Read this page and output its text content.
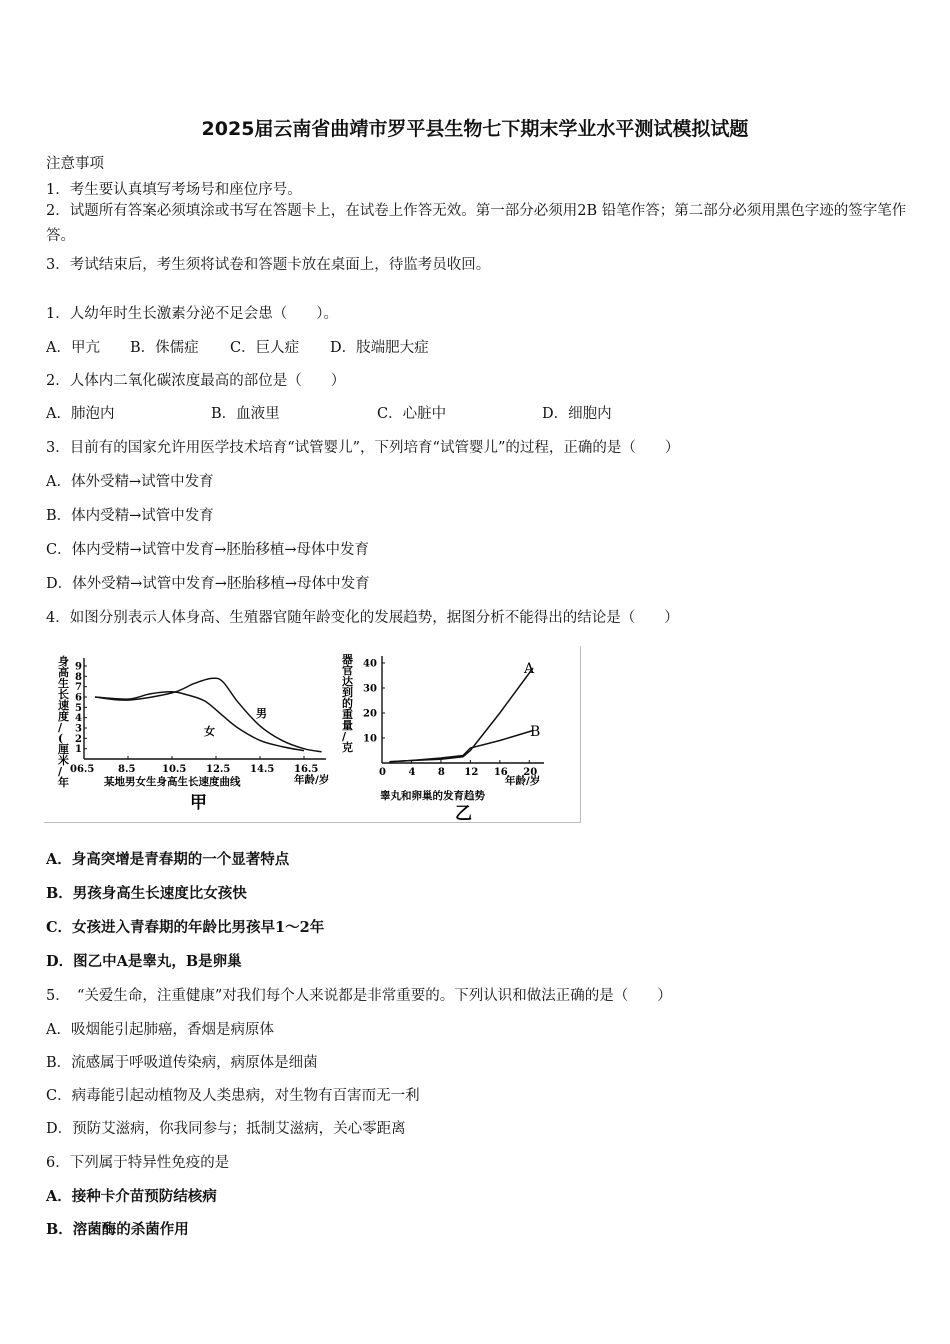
2025届云南省曲靖市罗平县生物七下期末学业水平测试模拟试题
注意事项
1．考生要认真填写考场号和座位序号。
2．试题所有答案必须填涂或书写在答题卡上，在试卷上作答无效。第一部分必须用2B 铅笔作答；第二部分必须用黑色字迹的签字笔作答。
3．考试结束后，考生须将试卷和答题卡放在桌面上，待监考员收回。
1．人幼年时生长激素分泌不足会患（　　）。
A．甲亢 B．侏儒症 C．巨人症 D．肢端肥大症
2．人体内二氧化碳浓度最高的部位是（　　）
A．肺泡内	B．血液里	C．心脏中	D．细胞内
3．目前有的国家允许用医学技术培育“试管婴儿”，下列培育“试管婴儿”的过程，正确的是（　　）
A．体外受精→试管中发育
B．体内受精→试管中发育
C．体内受精→试管中发育→胚胎移植→母体中发育
D．体外受精→试管中发育→胚胎移植→母体中发育
4．如图分别表示人体身高、生殖器官随年龄变化的发展趋势，据图分析不能得出的结论是（　　）
身高生长速度/ (厘米/年
1
2
3
4
5
6
7
8
9
06.5 8.5	10.5 12.5 14.5 16.5
男
女
年龄/岁
某地男女生身高生长速度曲线
甲
器官达到的重量/克
10
20
30
40
0 4 8 12 16 20
A
B
年龄/岁
睾丸和卵巢的发育趋势
乙
A．身高突增是青春期的一个显著特点
B．男孩身高生长速度比女孩快
C．女孩进入青春期的年龄比男孩早1～2年
D．图乙中A是睾丸，B是卵巢
5．　“关爱生命，注重健康”对我们每个人来说都是非常重要的。下列认识和做法正确的是（　　）
A．吸烟能引起肺癌，香烟是病原体
B．流感属于呼吸道传染病，病原体是细菌
C．病毒能引起动植物及人类患病，对生物有百害而无一利
D．预防艾滋病，你我同参与；抵制艾滋病，关心零距离
6．下列属于特异性免疫的是
A．接种卡介苗预防结核病
B．溶菌酶的杀菌作用
